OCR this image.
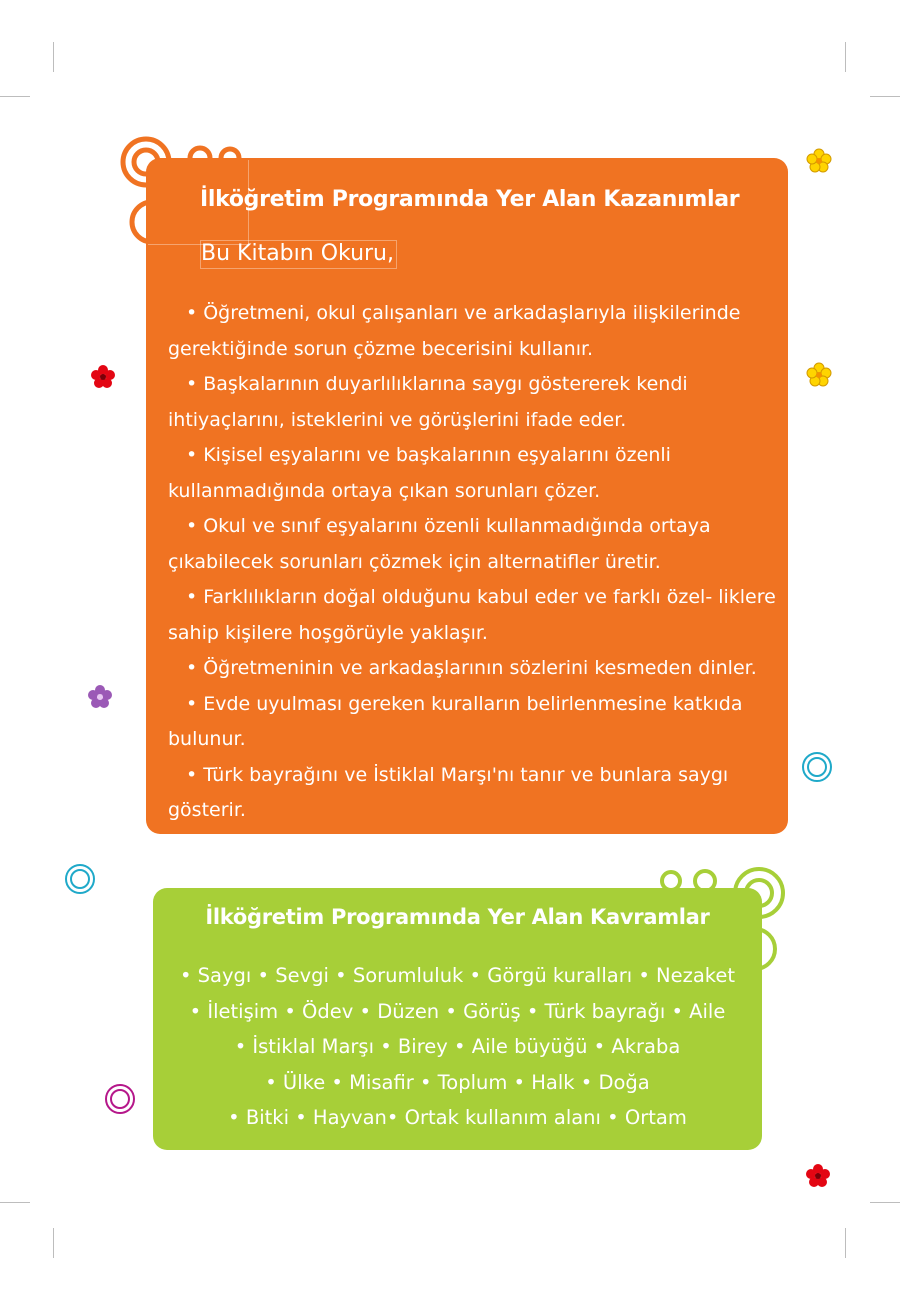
İlköğretim Programında Yer Alan Kazanımlar
Bu Kitabın Okuru,
• Öğretmeni, okul çalışanları ve arkadaşlarıyla ilişkilerinde gerektiğinde sorun çözme becerisini kullanır.
• Başkalarının duyarlılıklarına saygı göstererek kendi ihtiyaçlarını, isteklerini ve görüşlerini ifade eder.
• Kişisel eşyalarını ve başkalarının eşyalarını özenli kullanmadığında ortaya çıkan sorunları çözer.
• Okul ve sınıf eşyalarını özenli kullanmadığında ortaya çıkabilecek sorunları çözmek için alternatifler üretir.
• Farklılıkların doğal olduğunu kabul eder ve farklı özel- liklere sahip kişilere hoşgörüyle yaklaşır.
• Öğretmeninin ve arkadaşlarının sözlerini kesmeden dinler.
• Evde uyulması gereken kuralların belirlenmesine katkıda bulunur.
• Türk bayrağını ve İstiklal Marşı'nı tanır ve bunlara saygı gösterir.
İlköğretim Programında Yer Alan Kavramlar
• Saygı • Sevgi • Sorumluluk • Görgü kuralları • Nezaket
• İletişim • Ödev • Düzen • Görüş • Türk bayrağı • Aile
• İstiklal Marşı • Birey • Aile büyüğü • Akraba
• Ülke • Misafir • Toplum • Halk • Doğa
• Bitki • Hayvan• Ortak kullanım alanı • Ortam
